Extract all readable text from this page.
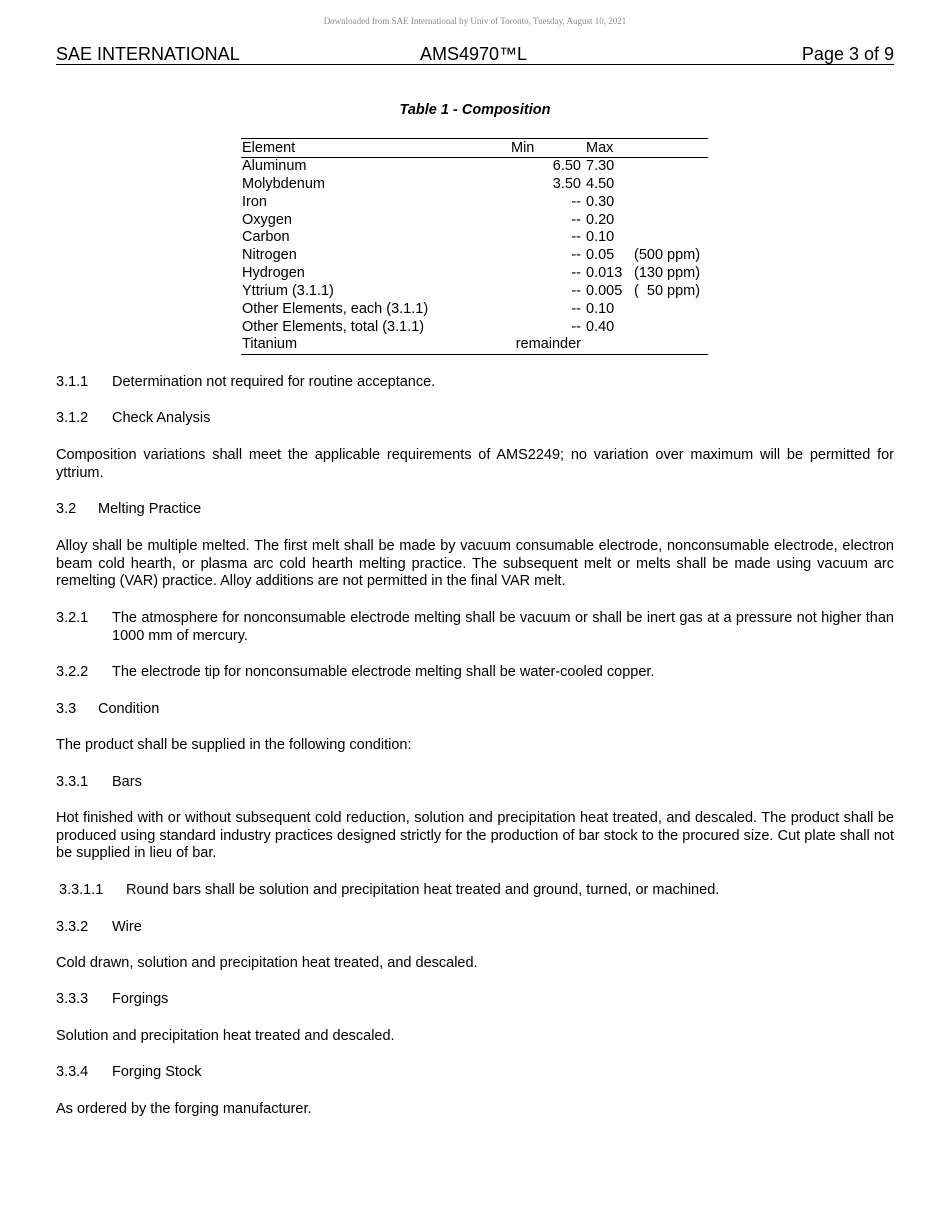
Downloaded from SAE International by Univ of Toronto, Tuesday, August 10, 2021
SAE INTERNATIONAL	AMS4970™L	Page 3 of 9
Table 1 - Composition
Element	Min	Max
Aluminum	6.50 7.30
Molybdenum	3.50 4.50
Iron	-- 0.30
Oxygen	-- 0.20
Carbon	-- 0.10
Nitrogen	-- 0.05 (500 ppm)
Hydrogen	-- 0.013 (130 ppm)
Yttrium (3.1.1)	-- 0.005 (  50 ppm)
Other Elements, each (3.1.1)	-- 0.10
Other Elements, total (3.1.1)	-- 0.40
Titanium	remainder
3.1.1 Determination not required for routine acceptance.
3.1.2 Check Analysis
Composition variations shall meet the applicable requirements of AMS2249; no variation over maximum will be permitted for yttrium.
3.2 Melting Practice
Alloy shall be multiple melted. The first melt shall be made by vacuum consumable electrode, nonconsumable electrode, electron beam cold hearth, or plasma arc cold hearth melting practice. The subsequent melt or melts shall be made using vacuum arc remelting (VAR) practice. Alloy additions are not permitted in the final VAR melt.
3.2.1 The atmosphere for nonconsumable electrode melting shall be vacuum or shall be inert gas at a pressure not higher than 1000 mm of mercury.
3.2.2 The electrode tip for nonconsumable electrode melting shall be water-cooled copper.
3.3 Condition
The product shall be supplied in the following condition:
3.3.1 Bars
Hot finished with or without subsequent cold reduction, solution and precipitation heat treated, and descaled. The product shall be produced using standard industry practices designed strictly for the production of bar stock to the procured size. Cut plate shall not be supplied in lieu of bar.
3.3.1.1 Round bars shall be solution and precipitation heat treated and ground, turned, or machined.
3.3.2 Wire
Cold drawn, solution and precipitation heat treated, and descaled.
3.3.3 Forgings
Solution and precipitation heat treated and descaled.
3.3.4 Forging Stock
As ordered by the forging manufacturer.
